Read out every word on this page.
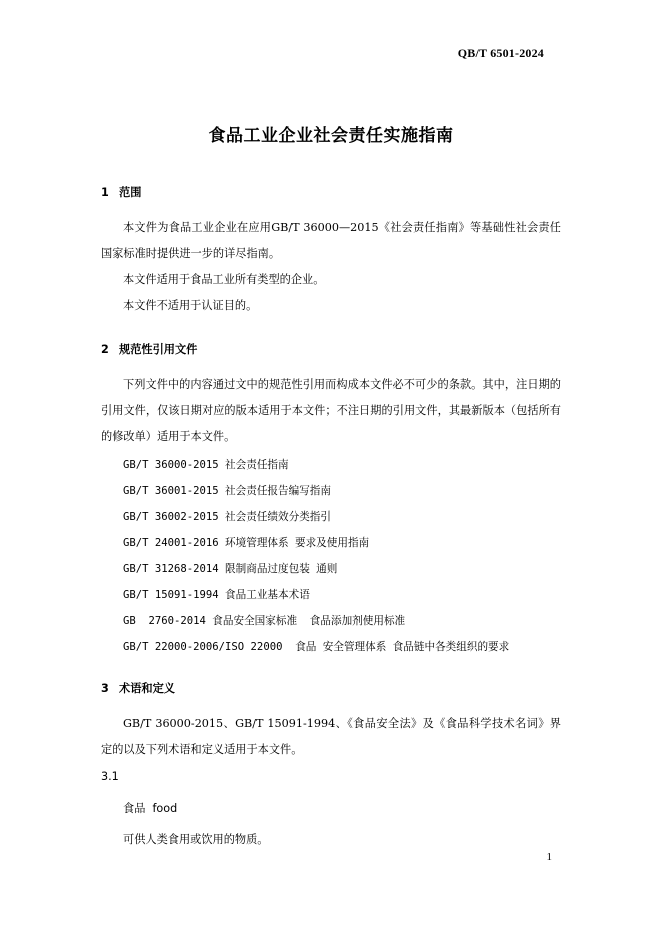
QB/T 6501-2024
食品工业企业社会责任实施指南
1 范围
本文件为食品工业企业在应用GB/T 36000—2015《社会责任指南》等基础性社会责任国家标准时提供进一步的详尽指南。
本文件适用于食品工业所有类型的企业。
本文件不适用于认证目的。
2 规范性引用文件
下列文件中的内容通过文中的规范性引用而构成本文件必不可少的条款。其中，注日期的引用文件，仅该日期对应的版本适用于本文件；不注日期的引用文件，其最新版本（包括所有的修改单）适用于本文件。
GB/T 36000-2015 社会责任指南
GB/T 36001-2015 社会责任报告编写指南
GB/T 36002-2015 社会责任绩效分类指引
GB/T 24001-2016 环境管理体系 要求及使用指南
GB/T 31268-2014 限制商品过度包装 通则
GB/T 15091-1994 食品工业基本术语
GB  2760-2014 食品安全国家标准  食品添加剂使用标准
GB/T 22000-2006/ISO 22000  食品 安全管理体系 食品链中各类组织的要求
3 术语和定义
GB/T 36000-2015、GB/T 15091-1994、《食品安全法》及《食品科学技术名词》界定的以及下列术语和定义适用于本文件。
3.1
食品  food
可供人类食用或饮用的物质。
1
